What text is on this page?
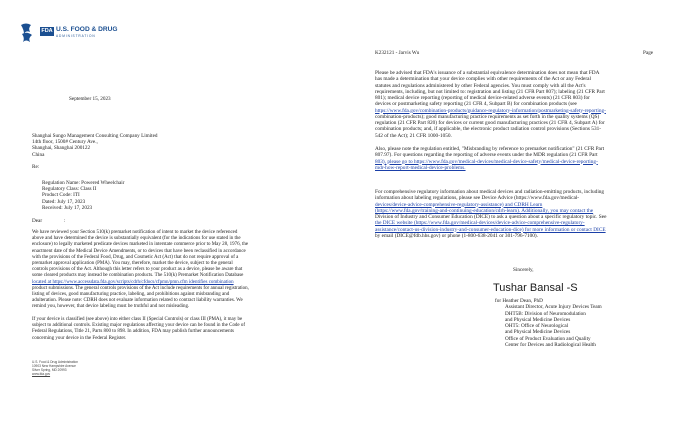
FDA U.S. FOOD & DRUG
ADMINISTRATION
September 15, 2023
Shanghai Sungo Management Consulting Company Limited
14th floor, 1500# Century Ave.,
Shanghai, Shanghai 200122
China
Re:
Regulation Name: Powered Wheelchair
Regulatory Class: Class II
Product Code: ITI
Dated: July 17, 2023
Received: July 17, 2023
Dear	:
We have reviewed your Section 510(k) premarket notification of intent to market the device referenced
above and have determined the device is substantially equivalent (for the indications for use stated in the
enclosure) to legally marketed predicate devices marketed in interstate commerce prior to May 28, 1976, the
enactment date of the Medical Device Amendments, or to devices that have been reclassified in accordance
with the provisions of the Federal Food, Drug, and Cosmetic Act (Act) that do not require approval of a
premarket approval application (PMA). You may, therefore, market the device, subject to the general
controls provisions of the Act. Although this letter refers to your product as a device, please be aware that
some cleared products may instead be combination products. The 510(k) Premarket Notification Database
located at https://www.accessdata.fda.gov/scripts/cdrh/cfdocs/cfpmn/pmn.cfm identifies combination
product submissions. The general controls provisions of the Act include requirements for annual registration,
listing of devices, good manufacturing practice, labeling, and prohibitions against misbranding and
adulteration. Please note: CDRH does not evaluate information related to contract liability warranties. We
remind you, however, that device labeling must be truthful and not misleading.
If your device is classified (see above) into either class II (Special Controls) or class III (PMA), it may be
subject to additional controls. Existing major regulations affecting your device can be found in the Code of
Federal Regulations, Title 21, Parts 800 to 898. In addition, FDA may publish further announcements
concerning your device in the Federal Register.
U.S. Food & Drug Administration
10903 New Hampshire Avenue
Silver Spring, MD 20993
www.fda.gov
K232121 - Jarvis Wu	Page
Please be advised that FDA's issuance of a substantial equivalence determination does not mean that FDA
has made a determination that your device complies with other requirements of the Act or any Federal
statutes and regulations administered by other Federal agencies. You must comply with all the Act's
requirements, including, but not limited to: registration and listing (21 CFR Part 807); labeling (21 CFR Part
801); medical device reporting (reporting of medical device-related adverse events) (21 CFR 803) for
devices or postmarketing safety reporting (21 CFR 4, Subpart B) for combination products (see
https://www.fda.gov/combination-products/guidance-regulatory-information/postmarketing-safety-reporting-
combination-products); good manufacturing practice requirements as set forth in the quality systems (QS)
regulation (21 CFR Part 820) for devices or current good manufacturing practices (21 CFR 4, Subpart A) for
combination products; and, if applicable, the electronic product radiation control provisions (Sections 531-
542 of the Act); 21 CFR 1000-1050.
Also, please note the regulation entitled, "Misbranding by reference to premarket notification" (21 CFR Part
807.97). For questions regarding the reporting of adverse events under the MDR regulation (21 CFR Part
803), please go to https://www.fda.gov/medical-devices/medical-device-safety/medical-device-reporting-
mdr-how-report-medical-device-problems.
For comprehensive regulatory information about medical devices and radiation-emitting products, including
information about labeling regulations, please see Device Advice (https://www.fda.gov/medical-
devices/device-advice-comprehensive-regulatory-assistance) and CDRH Learn
(https://www.fda.gov/training-and-continuing-education/cdrh-learn). Additionally, you may contact the
Division of Industry and Consumer Education (DICE) to ask a question about a specific regulatory topic. See
the DICE website (https://www.fda.gov/medical-devices/device-advice-comprehensive-regulatory-
assistance/contact-us-division-industry-and-consumer-education-dice) for more information or contact DICE
by email (DICE@fdb.hhs.gov) or phone (1-800-638-2041 or 301-796-7100).
Sincerely,
Tushar Bansal -S
for Heather Dean, PhD
Assistant Director, Acute Injury Devices Team
DHT5B: Division of Neuromodulation
and Physical Medicine Devices
OHT5: Office of Neurological
and Physical Medicine Devices
Office of Product Evaluation and Quality
Center for Devices and Radiological Health
